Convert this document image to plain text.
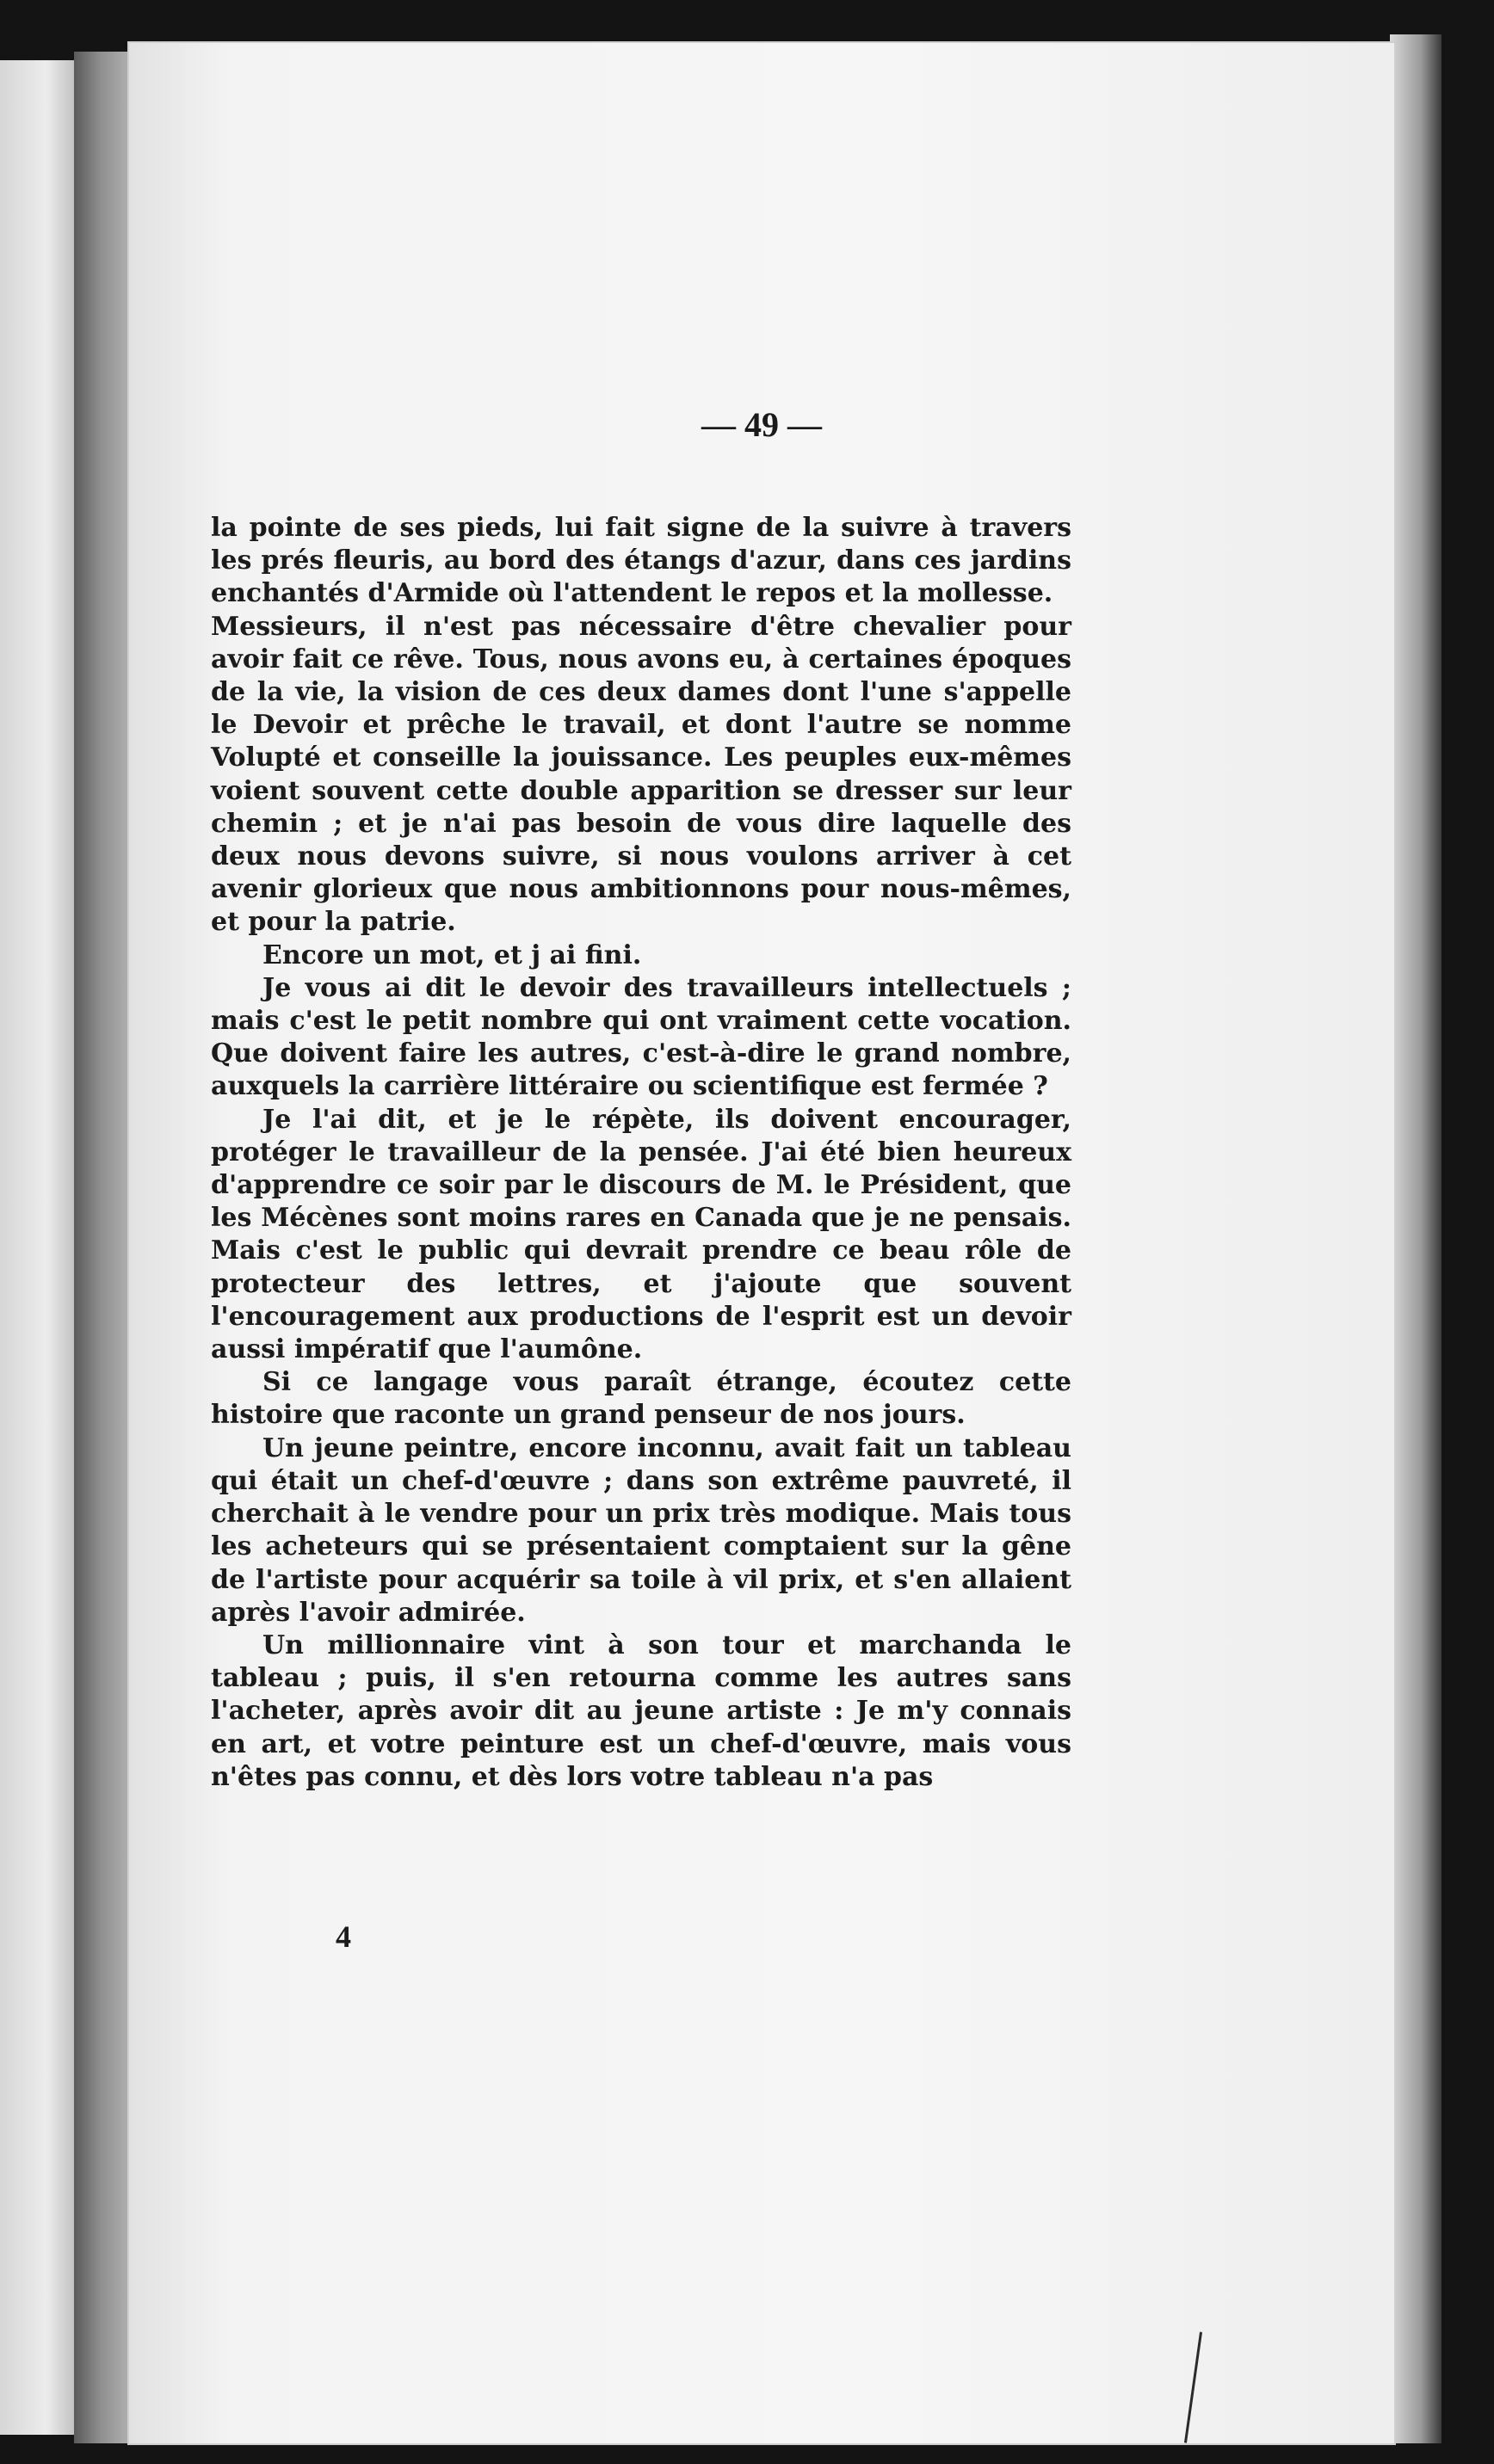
— 49 —

la pointe de ses pieds, lui fait signe de la suivre à travers les prés fleuris, au bord des étangs d'azur, dans ces jardins enchantés d'Armide où l'attendent le repos et la mollesse.

Messieurs, il n'est pas nécessaire d'être chevalier pour avoir fait ce rêve. Tous, nous avons eu, à certaines époques de la vie, la vision de ces deux dames dont l'une s'appelle le Devoir et prêche le travail, et dont l'autre se nomme Volupté et conseille la jouissance. Les peuples eux-mêmes voient souvent cette double apparition se dresser sur leur chemin ; et je n'ai pas besoin de vous dire laquelle des deux nous devons suivre, si nous voulons arriver à cet avenir glorieux que nous ambitionnons pour nous-mêmes, et pour la patrie.

Encore un mot, et j ai fini.

Je vous ai dit le devoir des travailleurs intellectuels ; mais c'est le petit nombre qui ont vraiment cette vocation. Que doivent faire les autres, c'est-à-dire le grand nombre, auxquels la carrière littéraire ou scientifique est fermée ?

Je l'ai dit, et je le répète, ils doivent encourager, protéger le travailleur de la pensée. J'ai été bien heureux d'apprendre ce soir par le discours de M. le Président, que les Mécènes sont moins rares en Canada que je ne pensais. Mais c'est le public qui devrait prendre ce beau rôle de protecteur des lettres, et j'ajoute que souvent l'encouragement aux productions de l'esprit est un devoir aussi impératif que l'aumône.

Si ce langage vous paraît étrange, écoutez cette histoire que raconte un grand penseur de nos jours.

Un jeune peintre, encore inconnu, avait fait un tableau qui était un chef-d'œuvre ; dans son extrême pauvreté, il cherchait à le vendre pour un prix très modique. Mais tous les acheteurs qui se présentaient comptaient sur la gêne de l'artiste pour acquérir sa toile à vil prix, et s'en allaient après l'avoir admirée.

Un millionnaire vint à son tour et marchanda le tableau ; puis, il s'en retourna comme les autres sans l'acheter, après avoir dit au jeune artiste : Je m'y connais en art, et votre peinture est un chef-d'œuvre, mais vous n'êtes pas connu, et dès lors votre tableau n'a pas

4
